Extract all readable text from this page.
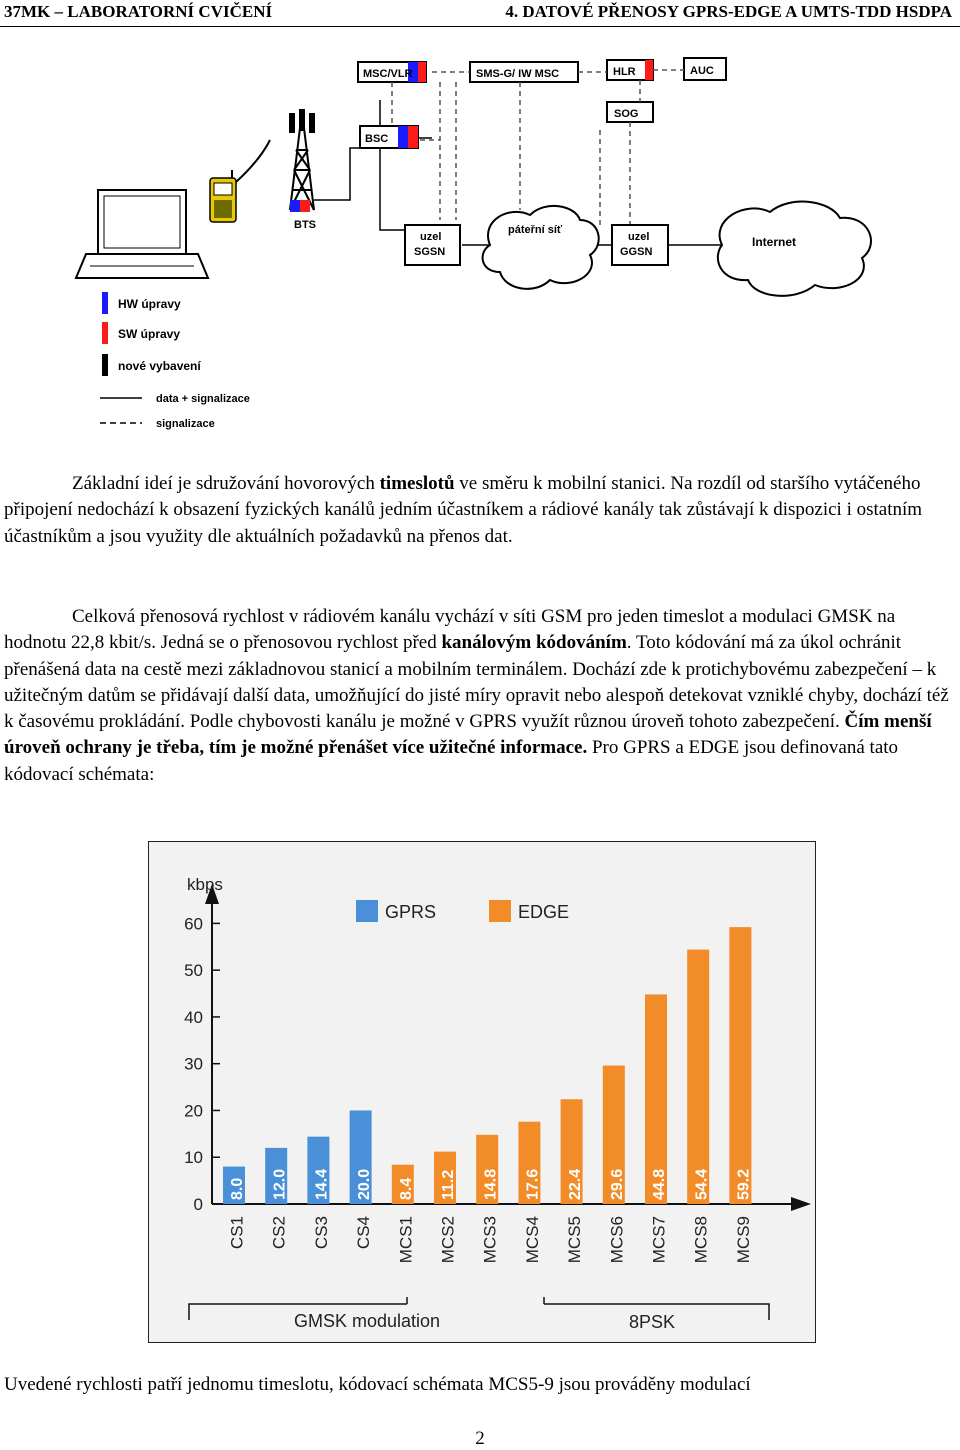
37MK – LABORATORNÍ CVIČENÍ	4. DATOVÉ PŘENOSY GPRS-EDGE A UMTS-TDD HSDPA
MSC/VLR	SMS-G/ IW MSC	HLR	AUC
SOG
BSC
BTS
uzel
SGSN
páteřní síť
uzel
GGSN
Internet
HW úpravy
SW úpravy
nové vybavení
data + signalizace
signalizace
Základní ideí je sdružování hovorových timeslotů ve směru k mobilní stanici. Na rozdíl od staršího vytáčeného připojení nedochází k obsazení fyzických kanálů jedním účastníkem a rádiové kanály tak zůstávají k dispozici i ostatním účastníkům a jsou využity dle aktuálních požadavků na přenos dat.
Celková přenosová rychlost v rádiovém kanálu vychází v síti GSM pro jeden timeslot a modulaci GMSK na hodnotu 22,8 kbit/s. Jedná se o přenosovou rychlost před kanálovým kódováním. Toto kódování má za úkol ochránit přenášená data na cestě mezi základnovou stanicí a mobilním terminálem. Dochází zde k protichybovému zabezpečení – k užitečným datům se přidávají další data, umožňující do jisté míry opravit nebo alespoň detekovat vzniklé chyby, dochází též k časovému prokládání. Podle chybovosti kanálu je možné v GPRS využít různou úroveň tohoto zabezpečení. Čím menší úroveň ochrany je třeba, tím je možné přenášet více užitečné informace. Pro GPRS a EDGE jsou definovaná tato kódovací schémata:
kbps
0
10
20
30
40
50
60
GPRS	EDGE
8.0
CS1
12.0
CS2
14.4
CS3
20.0
CS4
8.4
MCS1
11.2
MCS2
14.8
MCS3
17.6
MCS4
22.4
MCS5
29.6
MCS6
44.8
MCS7
54.4
MCS8
59.2
MCS9
GMSK modulation	8PSK
Uvedené rychlosti patří jednomu timeslotu, kódovací schémata MCS5-9 jsou prováděny modulací
2
